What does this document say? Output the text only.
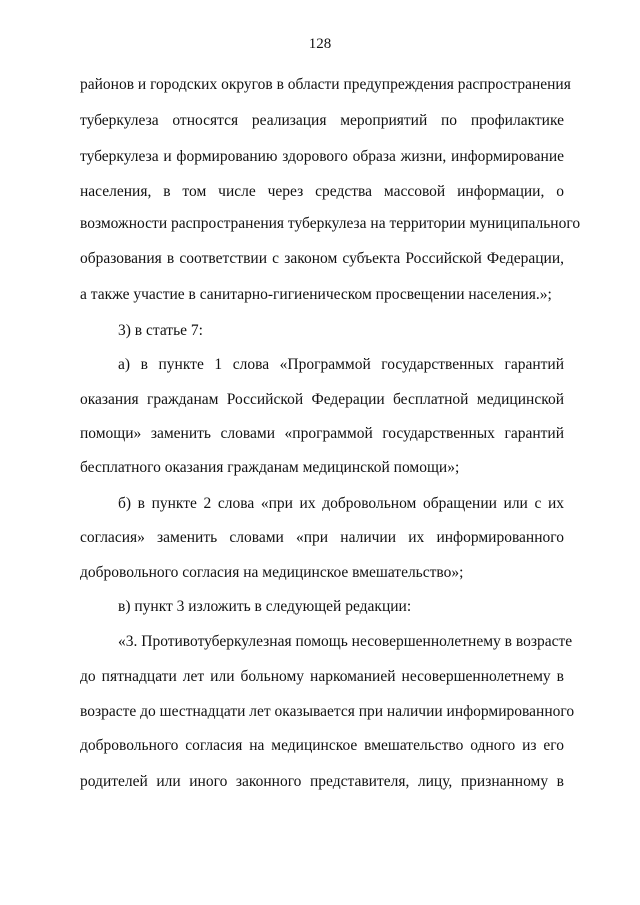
128
районов и городских округов в области предупреждения распространения
туберкулеза относятся реализация мероприятий по профилактике
туберкулеза и формированию здорового образа жизни, информирование
населения, в том числе через средства массовой информации, о
возможности распространения туберкулеза на территории муниципального
образования в соответствии с законом субъекта Российской Федерации,
а также участие в санитарно-гигиеническом просвещении населения.»;
3) в статье 7:
а) в пункте 1 слова «Программой государственных гарантий
оказания гражданам Российской Федерации бесплатной медицинской
помощи» заменить словами «программой государственных гарантий
бесплатного оказания гражданам медицинской помощи»;
б) в пункте 2 слова «при их добровольном обращении или с их
согласия» заменить словами «при наличии их информированного
добровольного согласия на медицинское вмешательство»;
в) пункт 3 изложить в следующей редакции:
«3. Противотуберкулезная помощь несовершеннолетнему в возрасте
до пятнадцати лет или больному наркоманией несовершеннолетнему в
возрасте до шестнадцати лет оказывается при наличии информированного
добровольного согласия на медицинское вмешательство одного из его
родителей или иного законного представителя, лицу, признанному в
